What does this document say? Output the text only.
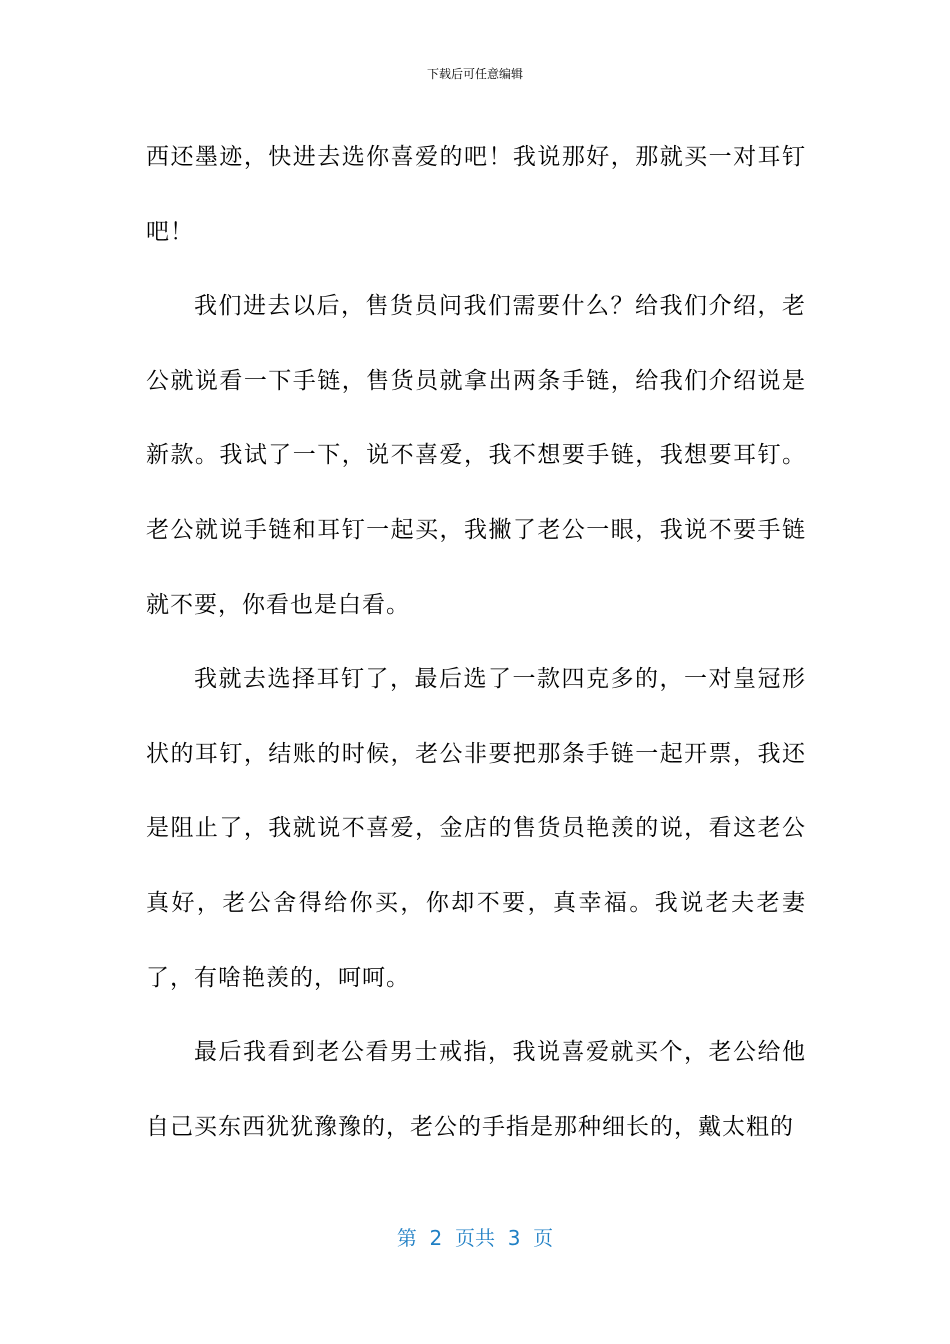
下载后可任意编辑

西还墨迹，快进去选你喜爱的吧！我说那好，那就买一对耳钉吧！

我们进去以后，售货员问我们需要什么？给我们介绍，老公就说看一下手链，售货员就拿出两条手链，给我们介绍说是新款。我试了一下，说不喜爱，我不想要手链，我想要耳钉。老公就说手链和耳钉一起买，我撇了老公一眼，我说不要手链就不要，你看也是白看。

我就去选择耳钉了，最后选了一款四克多的，一对皇冠形状的耳钉，结账的时候，老公非要把那条手链一起开票，我还是阻止了，我就说不喜爱，金店的售货员艳羡的说，看这老公真好，老公舍得给你买，你却不要，真幸福。我说老夫老妻了，有啥艳羡的，呵呵。

最后我看到老公看男士戒指，我说喜爱就买个，老公给他自己买东西犹犹豫豫的，老公的手指是那种细长的，戴太粗的

第  2  页共  3  页
